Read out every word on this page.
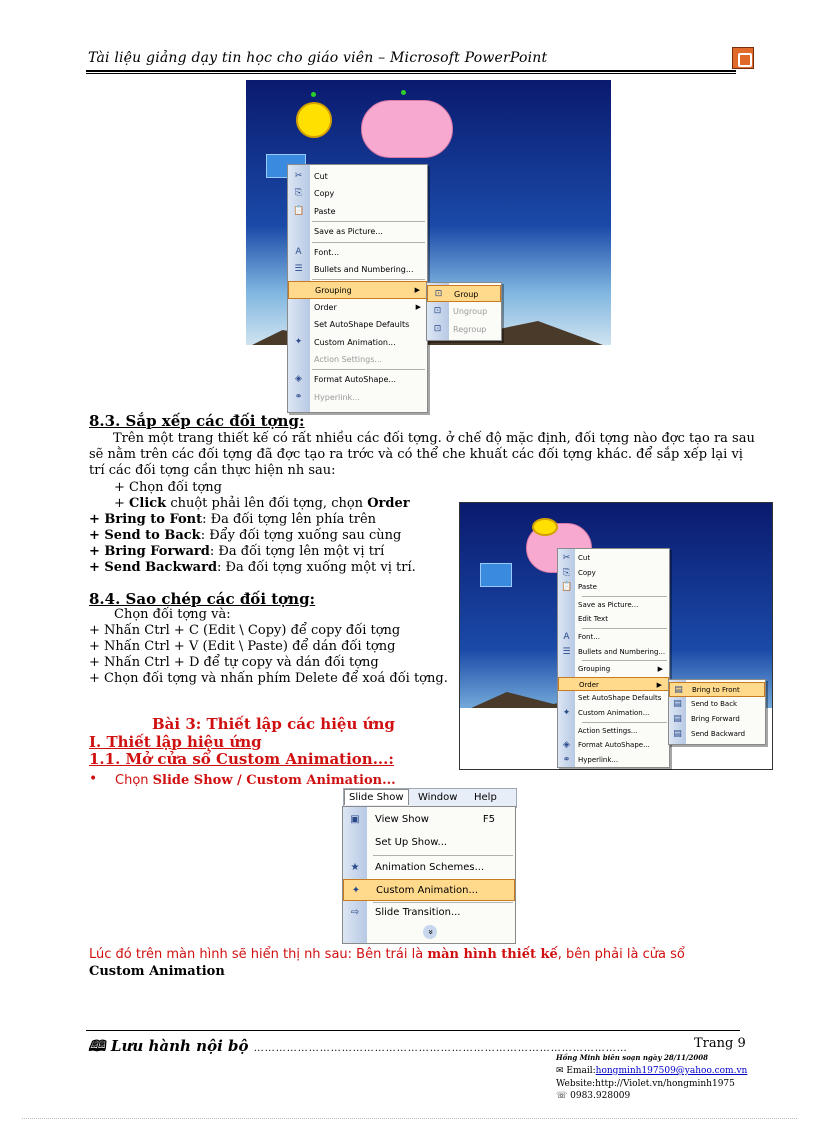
Tài liệu giảng dạy tin học cho giáo viên – Microsoft PowerPoint
✂ Cut
⎘ Copy
📋 Paste
Save as Picture...
A	Font...
☰ Bullets and Numbering...
Grouping	▶
Order	▶
Set AutoShape Defaults
✦ Custom Animation...
Action Settings...
◈ Format AutoShape...
⚭ Hyperlink...
⊡ Group
⊡ Ungroup
⊡ Regroup
8.3. Sắp xếp các đối tợng:
Trên một trang thiết kế có rất nhiều các đối tợng. ở chế độ mặc định, đối tợng nào đợc tạo ra sau sẽ nằm trên các đối tợng đã đợc tạo ra trớc và có thể che khuất các đối tợng khác. để sắp xếp lại vị trí các đối tợng cần thực hiện nh sau:
+ Chọn đối tợng
+ Click chuột phải lên đối tợng, chọn Order
+ Bring to Font: Đa đối tợng lên phía trên
+ Send to Back: Đẩy đối tợng xuống sau cùng
+ Bring Forward: Đa đối tợng lên một vị trí
+ Send Backward: Đa đối tợng xuống một vị trí.
8.4. Sao chép các đối tợng:
Chọn đối tợng và:
+ Nhấn Ctrl + C (Edit \ Copy) để copy đối tợng
+ Nhấn Ctrl + V (Edit \ Paste) để dán đối tợng
+ Nhấn Ctrl + D để tự copy và dán đối tợng
+ Chọn đối tợng và nhấn phím Delete để xoá đối tợng.
✂ Cut
⎘ Copy
📋 Paste
Save as Picture...
Edit Text
A	Font...
☰ Bullets and Numbering...
Grouping	▶
Order	▶
Set AutoShape Defaults
✦ Custom Animation...
Action Settings...
◈ Format AutoShape...
⚭ Hyperlink...
▤ Bring to Front
▤ Send to Back
▤ Bring Forward
▤ Send Backward
Bài 3: Thiết lập các hiệu ứng
I. Thiết lập hiệu ứng
1.1. Mở cửa sổ Custom Animation...:
• Chọn Slide Show / Custom Animation...
Slide Show	Window Help
▣ View Show	F5
Set Up Show...
★ Animation Schemes...
✦ Custom Animation...
⇨ Slide Transition...
»
Lúc đó trên màn hình sẽ hiển thị nh sau: Bên trái là màn hình thiết kế, bên phải là cửa sổ
Custom Animation
🕮 Lưu hành nội bộ …………………………………………………………………………………………	Trang 9
Hồng Minh biên soạn ngày 28/11/2008
✉ Email:hongminh197509@yahoo.com.vn
Website:http://Violet.vn/hongminh1975
☏ 0983.928009
